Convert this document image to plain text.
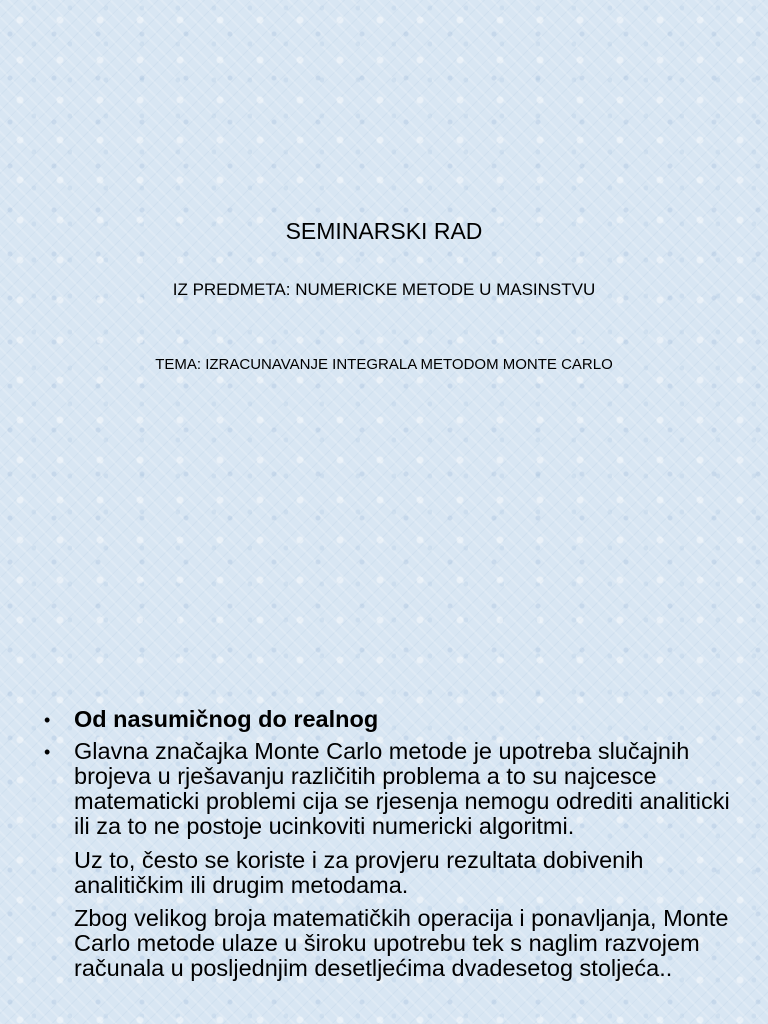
SEMINARSKI RAD
IZ PREDMETA: NUMERICKE METODE U MASINSTVU
TEMA: IZRACUNAVANJE INTEGRALA METODOM MONTE CARLO
•	Od nasumičnog do realnog

•	Glavna značajka Monte Carlo metode je upotreba slučajnih brojeva u rješavanju različitih problema a to su najcesce matematicki problemi cija se rjesenja nemogu odrediti analiticki ili za to ne postoje ucinkoviti numericki algoritmi.

Uz to, često se koriste i za provjeru rezultata dobivenih analitičkim ili drugim metodama.

Zbog velikog broja matematičkih operacija i ponavljanja, Monte Carlo metode ulaze u široku upotrebu tek s naglim razvojem računala u posljednjim desetljećima dvadesetog stoljeća..
